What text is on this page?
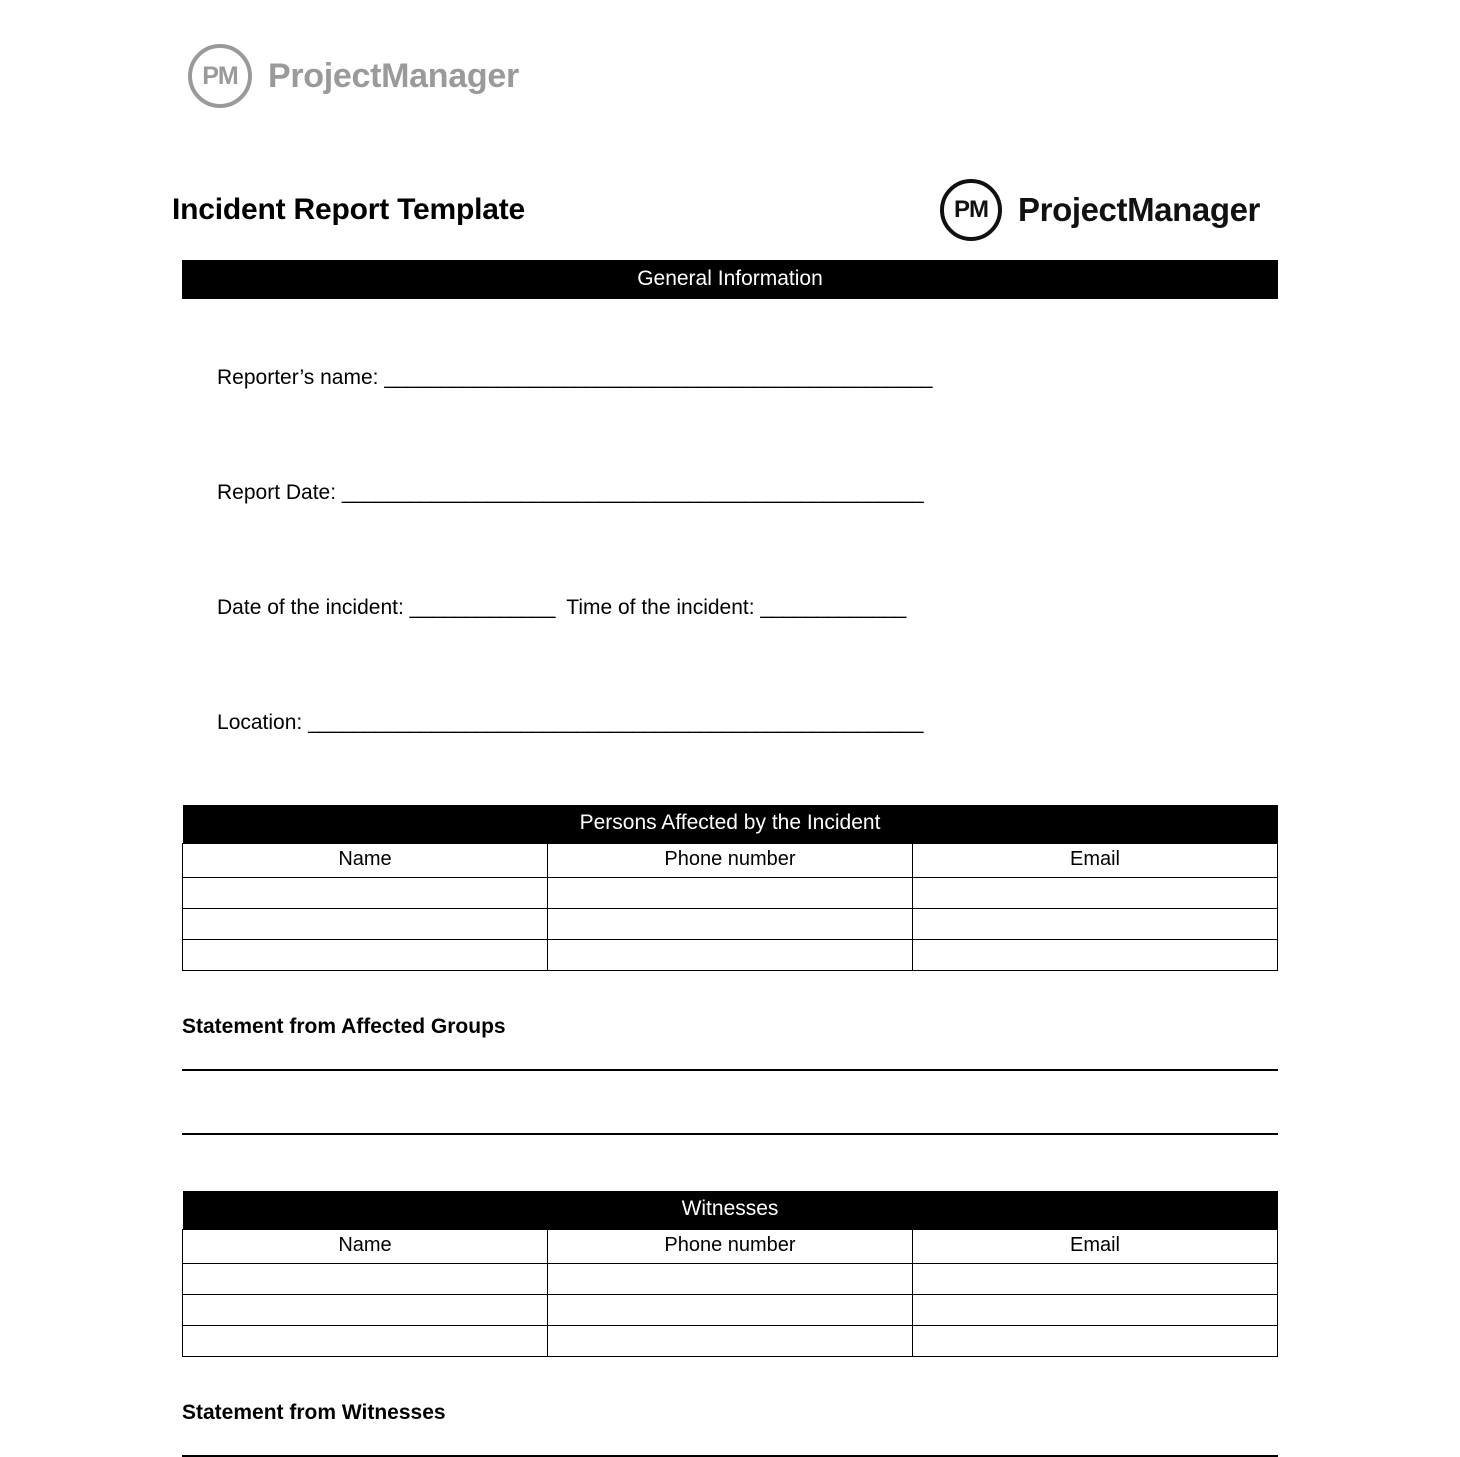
PM ProjectManager
Incident Report Template	PM ProjectManager
General Information

Reporter’s name: _________________________________________________

Report Date: ____________________________________________________

Date of the incident: _____________  Time of the incident: _____________

Location: _______________________________________________________

Persons Affected by the Incident		
Name	Phone number	Email

Statement from Affected Groups
Witnesses		
Name	Phone number	Email

Statement from Witnesses
